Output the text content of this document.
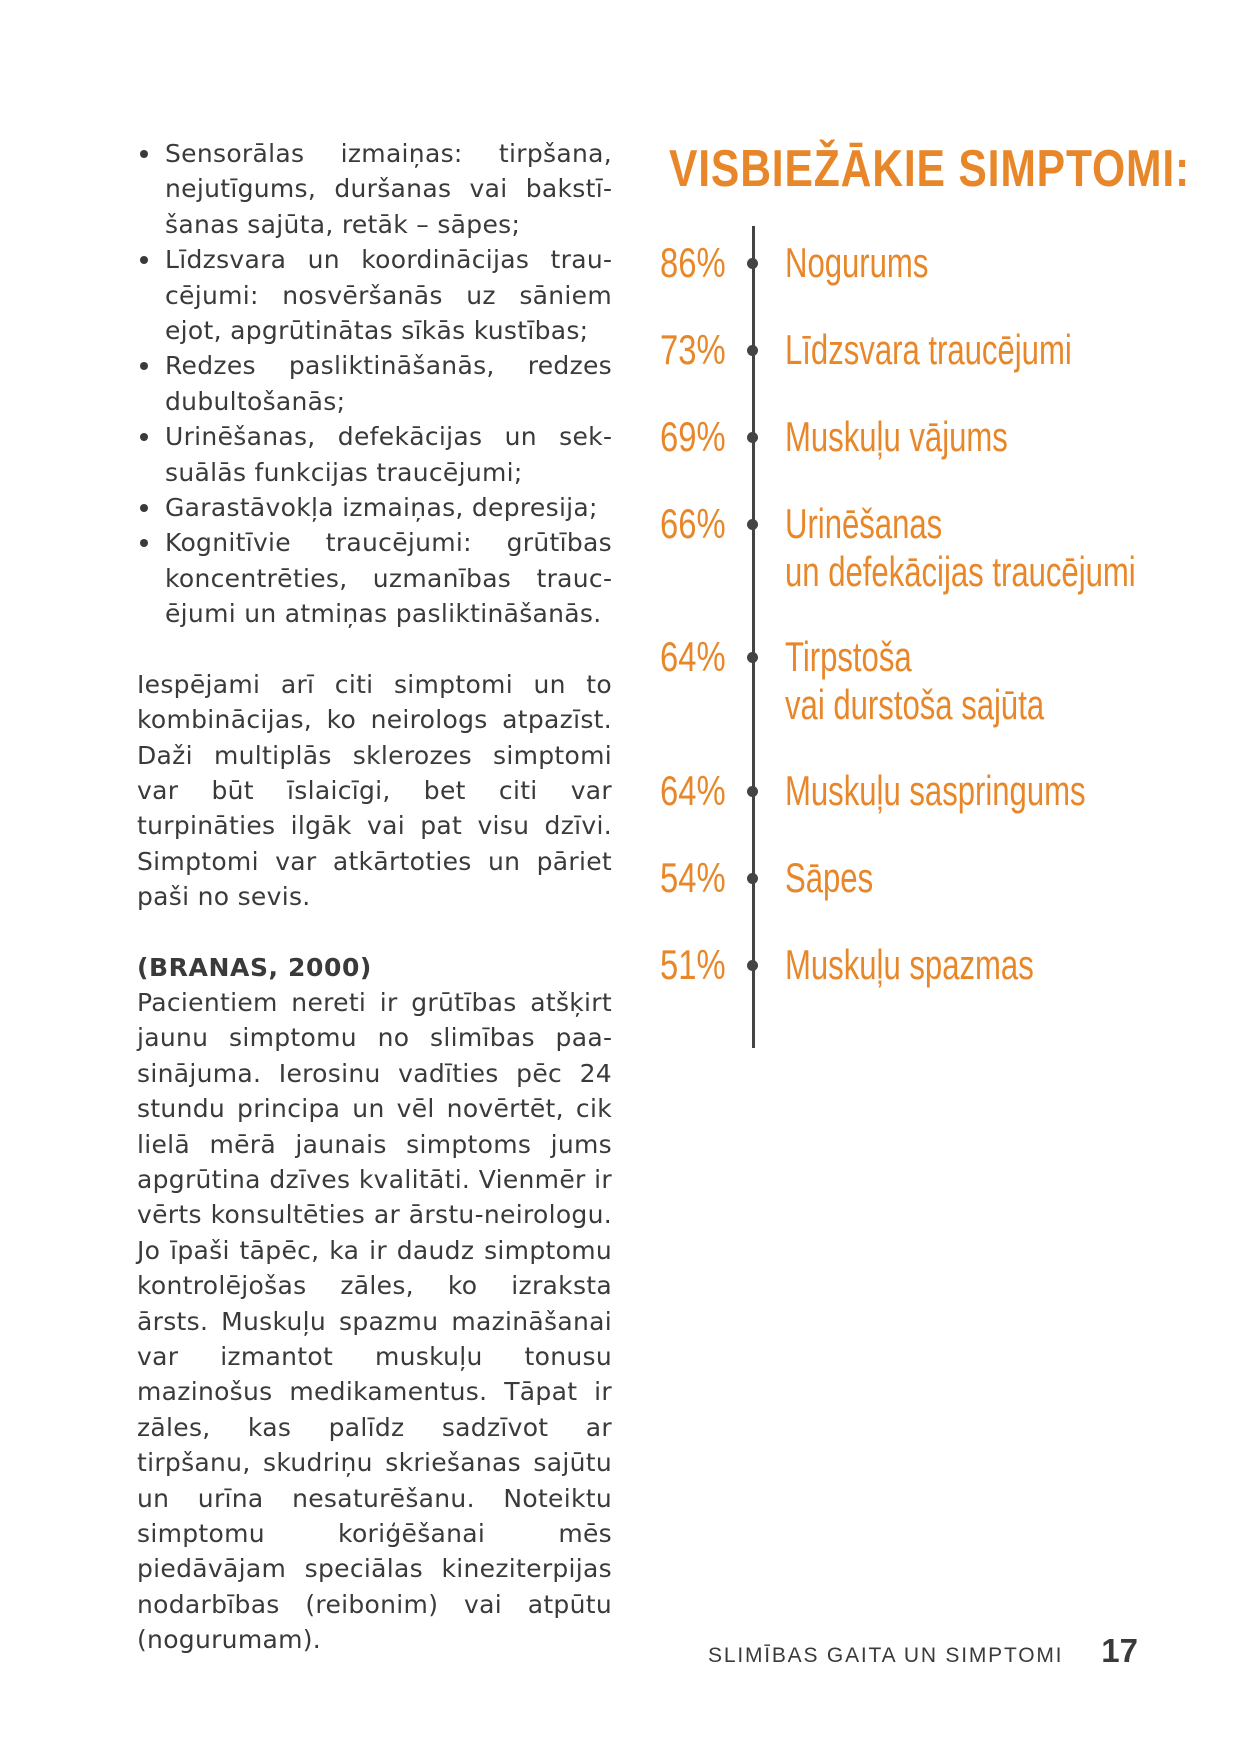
Sensorālas izmaiņas: tirpšana, nejutīgums, duršanas vai bakstīšanas sajūta, retāk – sāpes;
Līdzsvara un koordinācijas traucējumi: nosvēršanās uz sāniem ejot, apgrūtinātas sīkās kustības;
Redzes pasliktināšanās, redzes dubultošanās;
Urinēšanas, defekācijas un seksuālās funkcijas traucējumi;
Garastāvokļa izmaiņas, depresija;
Kognitīvie traucējumi: grūtības koncentrēties, uzmanības traucējumi un atmiņas pasliktināšanās.

Iespējami arī citi simptomi un to kombinācijas, ko neirologs atpazīst. Daži multiplās sklerozes simptomi var būt īslaicīgi, bet citi var turpināties ilgāk vai pat visu dzīvi. Simptomi var atkārtoties un pāriet paši no sevis.

(BRANAS, 2000)

Pacientiem nereti ir grūtības atšķirt jaunu simptomu no slimības paasinājuma. Ierosinu vadīties pēc 24 stundu principa un vēl novērtēt, cik lielā mērā jaunais simptoms jums apgrūtina dzīves kvalitāti. Vienmēr ir vērts konsultēties ar ārstu-neirologu. Jo īpaši tāpēc, ka ir daudz simptomu kontrolējošas zāles, ko izraksta ārsts. Muskuļu spazmu mazināšanai var izmantot muskuļu tonusu mazinošus medikamentus. Tāpat ir zāles, kas palīdz sadzīvot ar tirpšanu, skudriņu skriešanas sajūtu un urīna nesaturēšanu. Noteiktu simptomu koriģēšanai mēs piedāvājam speciālas kineziterpijas nodarbības (reibonim) vai atpūtu (nogurumam).

VISBIEŽĀKIE SIMPTOMI:
86% Nogurums
73% Līdzsvara traucējumi
69% Muskuļu vājums
66% Urinēšanas
un defekācijas traucējumi
64% Tirpstoša
vai durstoša sajūta
64% Muskuļu saspringums
54% Sāpes
51% Muskuļu spazmas
SLIMĪBAS GAITA UN SIMPTOMI 17
